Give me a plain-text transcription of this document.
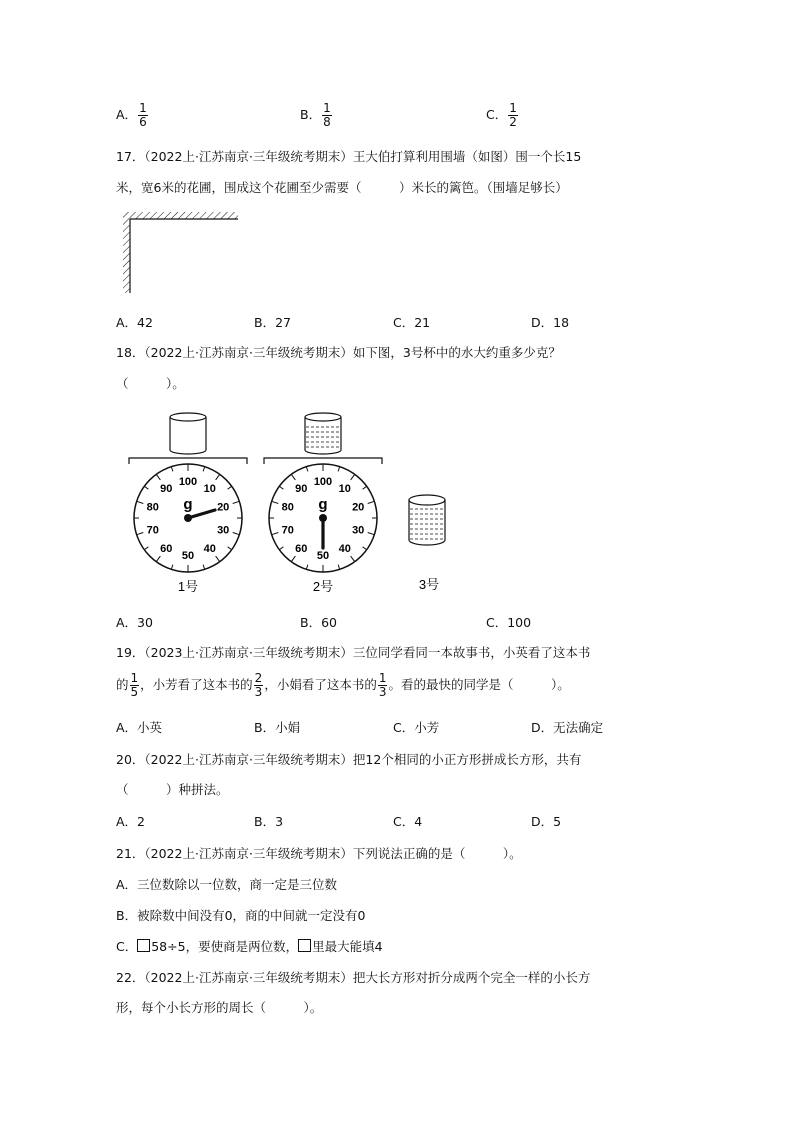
A． $\frac{1}{6}$	B． $\frac{1}{8}$	C． $\frac{1}{2}$
17．（2022上·江苏南京·三年级统考期末）王大伯打算利用围墙（如图）围一个长15
米，宽6米的花圃，围成这个花圃至少需要（　　　）米长的篱笆。（围墙足够长）
A．42	B．27	C．21	D．18
18．（2022上·江苏南京·三年级统考期末）如下图，3号杯中的水大约重多少克？
（　　　）。
100
10
20
30
40
50
60
70
80
90
g
1号
100
10
20
30
40
50
60
70
80
90
g
2号	3号
A．30	B．60	C．100
19．（2023上·江苏南京·三年级统考期末）三位同学看同一本故事书，小英看了这本书
的 $\frac{1}{5}$ ，小芳看了这本书的 $\frac{2}{3}$ ，小娟看了这本书的 $\frac{1}{3}$ 。看的最快的同学是（　　　）。
A．小英	B．小娟	C．小芳	D．无法确定
20．（2022上·江苏南京·三年级统考期末）把12个相同的小正方形拼成长方形，共有
（　　　）种拼法。
A．2	B．3	C．4	D．5
21．（2022上·江苏南京·三年级统考期末）下列说法正确的是（　　　）。
A．三位数除以一位数，商一定是三位数
B．被除数中间没有0，商的中间就一定没有0
C． 58÷5，要使商是两位数， 里最大能填4
22．（2022上·江苏南京·三年级统考期末）把大长方形对折分成两个完全一样的小长方
形，每个小长方形的周长（　　　）。
